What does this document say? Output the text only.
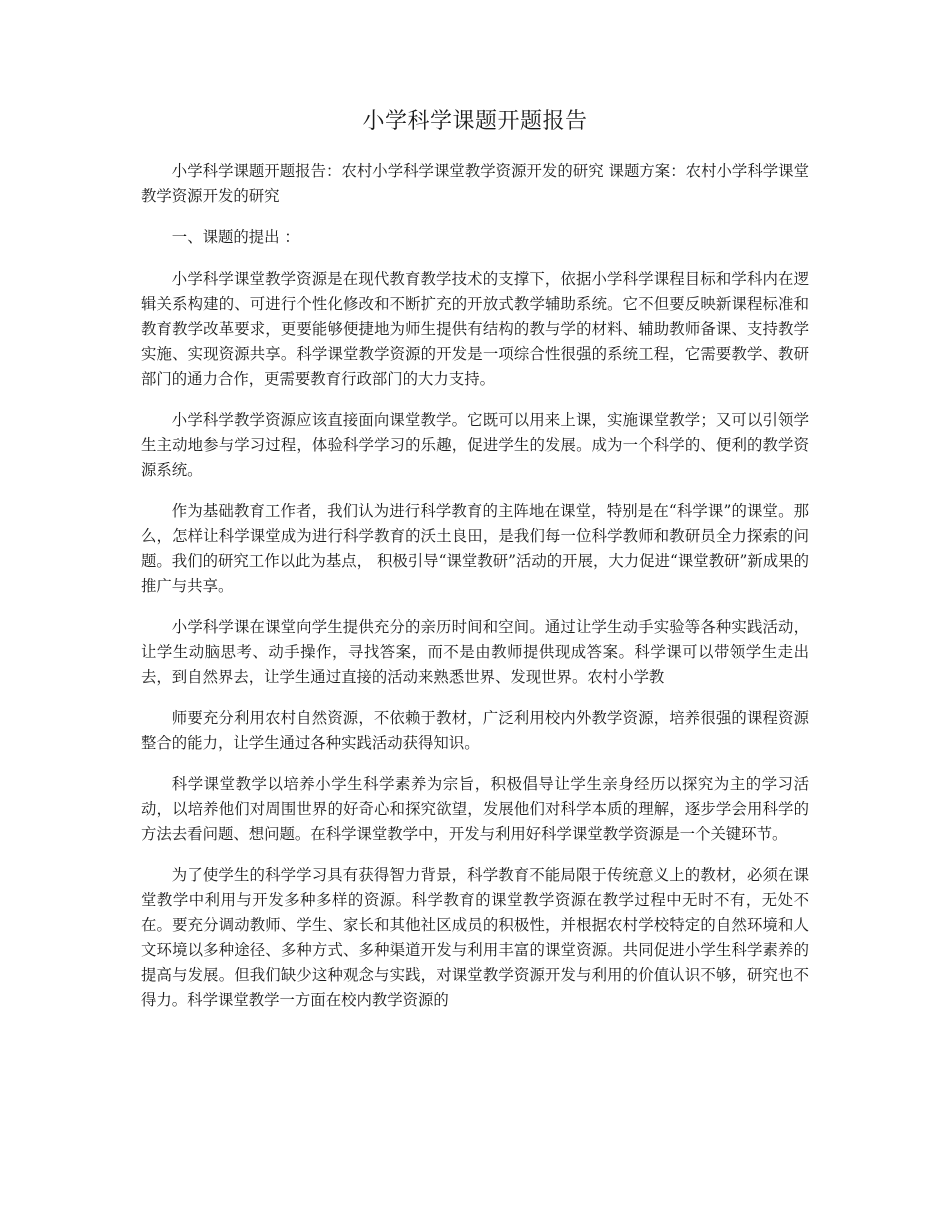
小学科学课题开题报告

小学科学课题开题报告：农村小学科学课堂教学资源开发的研究 课题方案：农村小学科学课堂教学资源开发的研究

一、课题的提出 ：

小学科学课堂教学资源是在现代教育教学技术的支撑下，依据小学科学课程目标和学科内在逻辑关系构建的、可进行个性化修改和不断扩充的开放式教学辅助系统。它不但要反映新课程标准和教育教学改革要求，更要能够便捷地为师生提供有结构的教与学的材料、辅助教师备课、支持教学实施、实现资源共享。科学课堂教学资源的开发是一项综合性很强的系统工程，它需要教学、教研部门的通力合作，更需要教育行政部门的大力支持。

小学科学教学资源应该直接面向课堂教学。它既可以用来上课，实施课堂教学；又可以引领学生主动地参与学习过程，体验科学学习的乐趣，促进学生的发展。成为一个科学的、便利的教学资源系统。

作为基础教育工作者，我们认为进行科学教育的主阵地在课堂，特别是在“科学课”的课堂。那么，怎样让科学课堂成为进行科学教育的沃土良田，是我们每一位科学教师和教研员全力探索的问题。我们的研究工作以此为基点， 积极引导“课堂教研”活动的开展，大力促进“课堂教研”新成果的推广与共享。

小学科学课在课堂向学生提供充分的亲历时间和空间。通过让学生动手实验等各种实践活动，让学生动脑思考、动手操作，寻找答案，而不是由教师提供现成答案。科学课可以带领学生走出去，到自然界去，让学生通过直接的活动来熟悉世界、发现世界。农村小学教

师要充分利用农村自然资源，不依赖于教材，广泛利用校内外教学资源，培养很强的课程资源整合的能力，让学生通过各种实践活动获得知识。

科学课堂教学以培养小学生科学素养为宗旨，积极倡导让学生亲身经历以探究为主的学习活动，以培养他们对周围世界的好奇心和探究欲望，发展他们对科学本质的理解，逐步学会用科学的方法去看问题、想问题。在科学课堂教学中，开发与利用好科学课堂教学资源是一个关键环节。

为了使学生的科学学习具有获得智力背景，科学教育不能局限于传统意义上的教材，必须在课堂教学中利用与开发多种多样的资源。科学教育的课堂教学资源在教学过程中无时不有，无处不在。要充分调动教师、学生、家长和其他社区成员的积极性，并根据农村学校特定的自然环境和人文环境以多种途径、多种方式、多种渠道开发与利用丰富的课堂资源。共同促进小学生科学素养的提高与发展。但我们缺少这种观念与实践，对课堂教学资源开发与利用的价值认识不够，研究也不得力。科学课堂教学一方面在校内教学资源的
